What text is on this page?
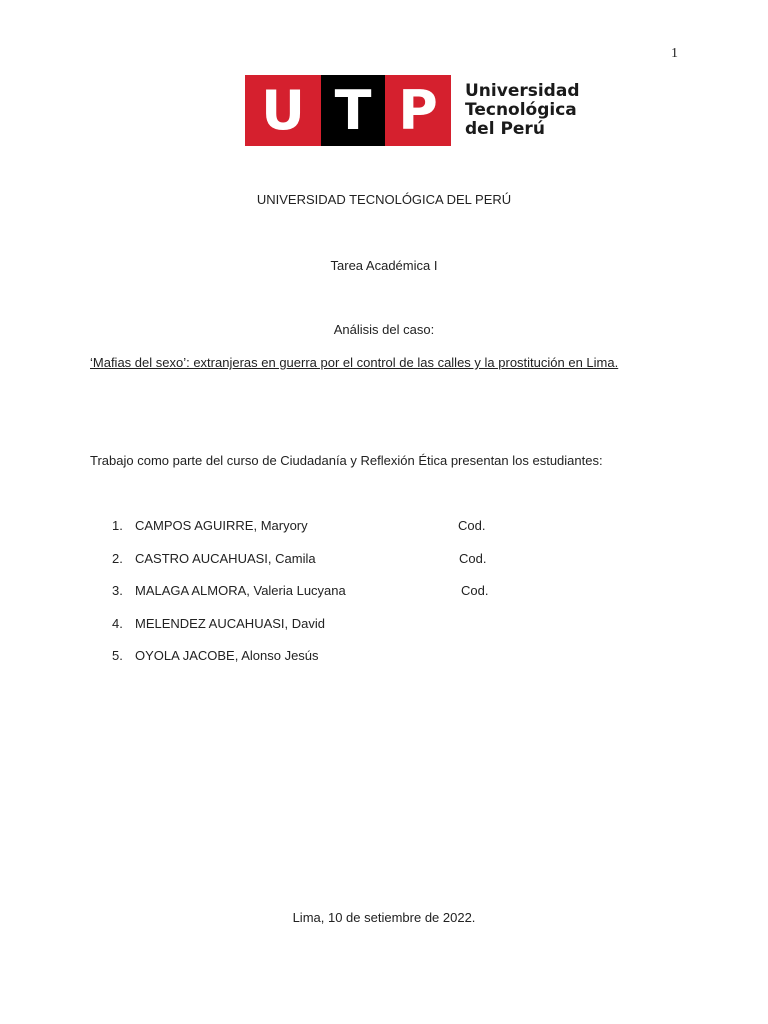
1
U T P	Universidad
Tecnológica
del Perú
UNIVERSIDAD TECNOLÓGICA DEL PERÚ
Tarea Académica I
Análisis del caso:
‘Mafias del sexo’: extranjeras en guerra por el control de las calles y la prostitución en Lima.
Trabajo como parte del curso de Ciudadanía y Reflexión Ética presentan los estudiantes:
1. CAMPOS AGUIRRE, Maryory	Cod.
2. CASTRO AUCAHUASI, Camila	Cod.
3. MALAGA ALMORA, Valeria Lucyana	Cod.
4. MELENDEZ AUCAHUASI, David
5. OYOLA JACOBE, Alonso Jesús
Lima, 10 de setiembre de 2022.
